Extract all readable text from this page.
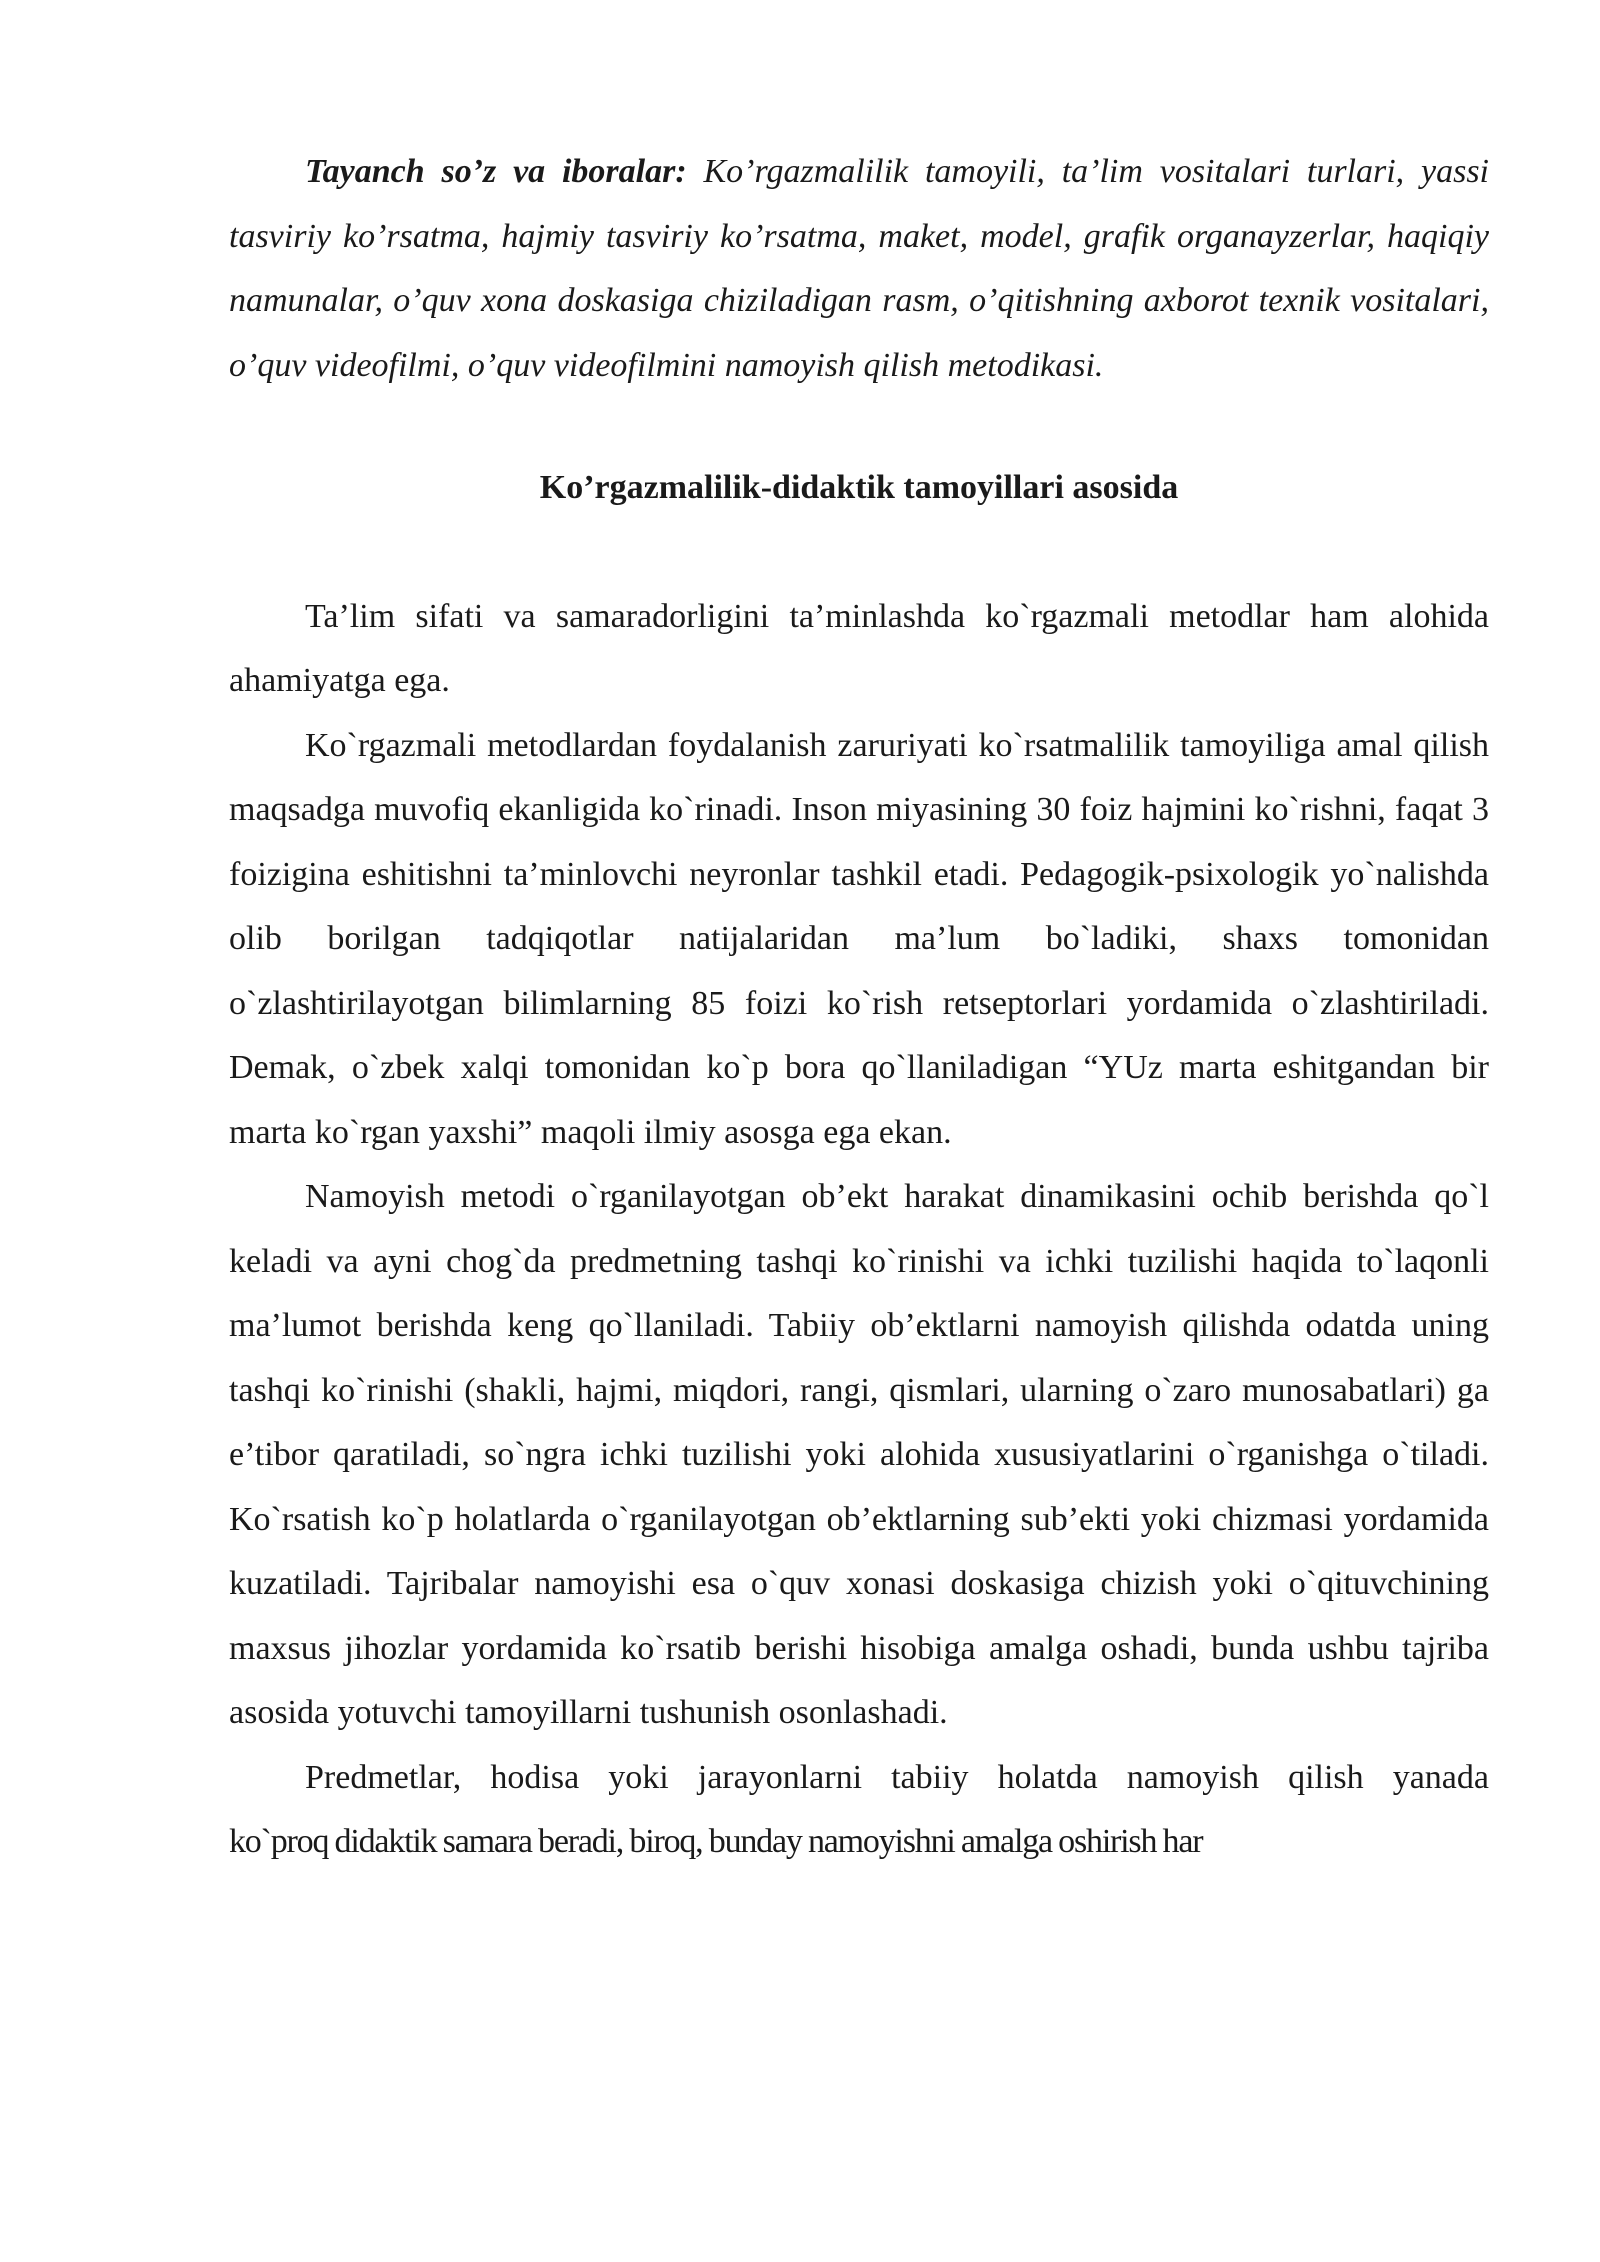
Tayanch so’z va iboralar: Ko’rgazmalilik tamoyili, ta’lim vositalari turlari, yassi tasviriy ko’rsatma, hajmiy tasviriy ko’rsatma, maket, model, grafik organayzerlar, haqiqiy namunalar, o’quv xona doskasiga chiziladigan rasm, o’qitishning axborot texnik vositalari, o’quv videofilmi, o’quv videofilmini namoyish qilish metodikasi.

Ko’rgazmalilik-didaktik tamoyillari asosida

Ta’lim sifati va samaradorligini ta’minlashda ko`rgazmali metodlar ham alohida ahamiyatga ega.

Ko`rgazmali metodlardan foydalanish zaruriyati ko`rsatmalilik tamoyiliga amal qilish maqsadga muvofiq ekanligida ko`rinadi. Inson miyasining 30 foiz hajmini ko`rishni, faqat 3 foizigina eshitishni ta’minlovchi neyronlar tashkil etadi. Pedagogik-psixologik yo`nalishda olib borilgan tadqiqotlar natijalaridan ma’lum bo`ladiki, shaxs tomonidan o`zlashtirilayotgan bilimlarning 85 foizi ko`rish retseptorlari yordamida o`zlashtiriladi. Demak, o`zbek xalqi tomonidan ko`p bora qo`llaniladigan “YUz marta eshitgandan bir marta ko`rgan yaxshi” maqoli ilmiy asosga ega ekan.

Namoyish metodi o`rganilayotgan ob’ekt harakat dinamikasini ochib berishda qo`l keladi va ayni chog`da predmetning tashqi ko`rinishi va ichki tuzilishi haqida to`laqonli ma’lumot berishda keng qo`llaniladi. Tabiiy ob’ektlarni namoyish qilishda odatda uning tashqi ko`rinishi (shakli, hajmi, miqdori, rangi, qismlari, ularning o`zaro munosabatlari) ga e’tibor qaratiladi, so`ngra ichki tuzilishi yoki alohida xususiyatlarini o`rganishga o`tiladi. Ko`rsatish ko`p holatlarda o`rganilayotgan ob’ektlarning sub’ekti yoki chizmasi yordamida kuzatiladi. Tajribalar namoyishi esa o`quv xonasi doskasiga chizish yoki o`qituvchining maxsus jihozlar yordamida ko`rsatib berishi hisobiga amalga oshadi, bunda ushbu tajriba asosida yotuvchi tamoyillarni tushunish osonlashadi.

Predmetlar, hodisa yoki jarayonlarni tabiiy holatda namoyish qilish yanada

ko`proq didaktik samara beradi, biroq, bunday namoyishni amalga oshirish har
